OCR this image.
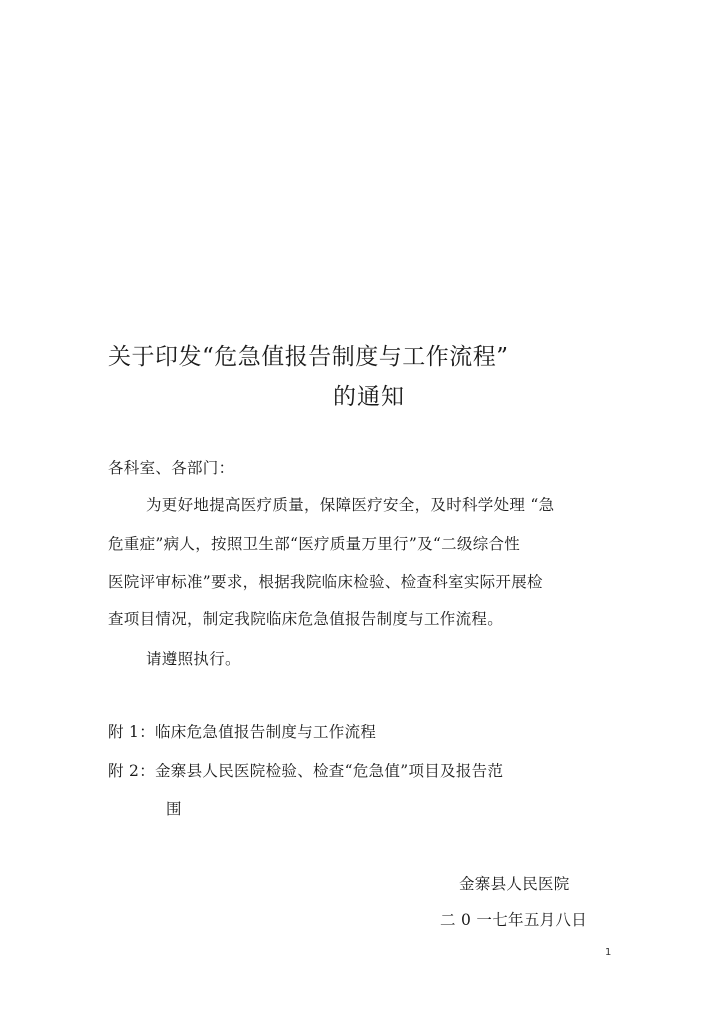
关于印发“危急值报告制度与工作流程”
的通知
各科室、各部门：
为更好地提高医疗质量，保障医疗安全，及时科学处理 “急
危重症”病人，按照卫生部“医疗质量万里行”及“二级综合性
医院评审标准”要求，根据我院临床检验、检查科室实际开展检
查项目情况，制定我院临床危急值报告制度与工作流程。
请遵照执行。
附 1：临床危急值报告制度与工作流程
附 2：金寨县人民医院检验、检查“危急值”项目及报告范
围
金寨县人民医院
二 0 一七年五月八日
1
